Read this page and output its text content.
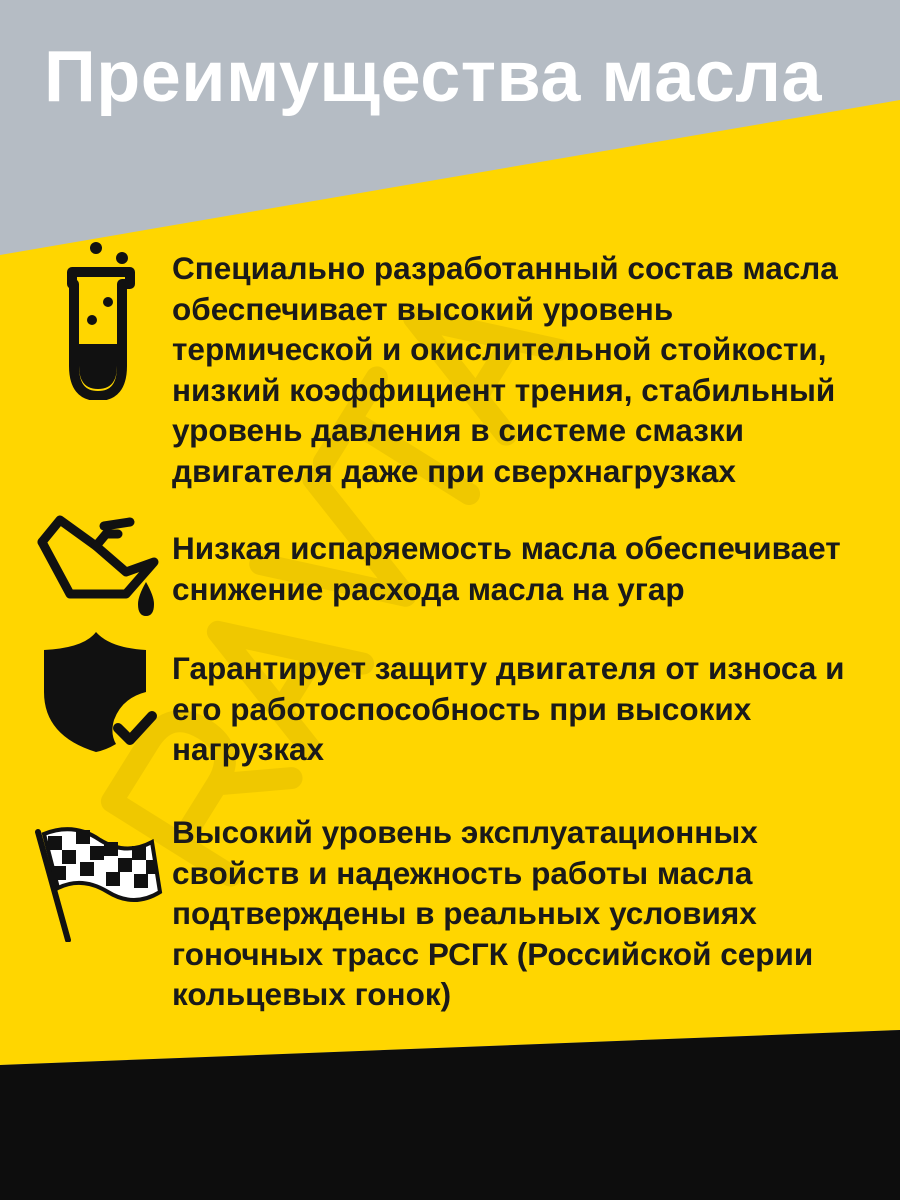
Преимущества масла

Специально разработанный состав масла обеспечивает высокий уровень термической и окислительной стойкости, низкий коэффициент трения, стабильный уровень давления в системе смазки двигателя даже при сверхнагрузках

Низкая испаряемость масла обеспечивает снижение расхода масла на угар

Гарантирует защиту двигателя от износа и его работоспособность при высоких нагрузках

Высокий уровень эксплуатационных свойств и надежность работы масла подтверждены в реальных условиях гоночных трасс РСГК (Российской серии кольцевых гонок)
